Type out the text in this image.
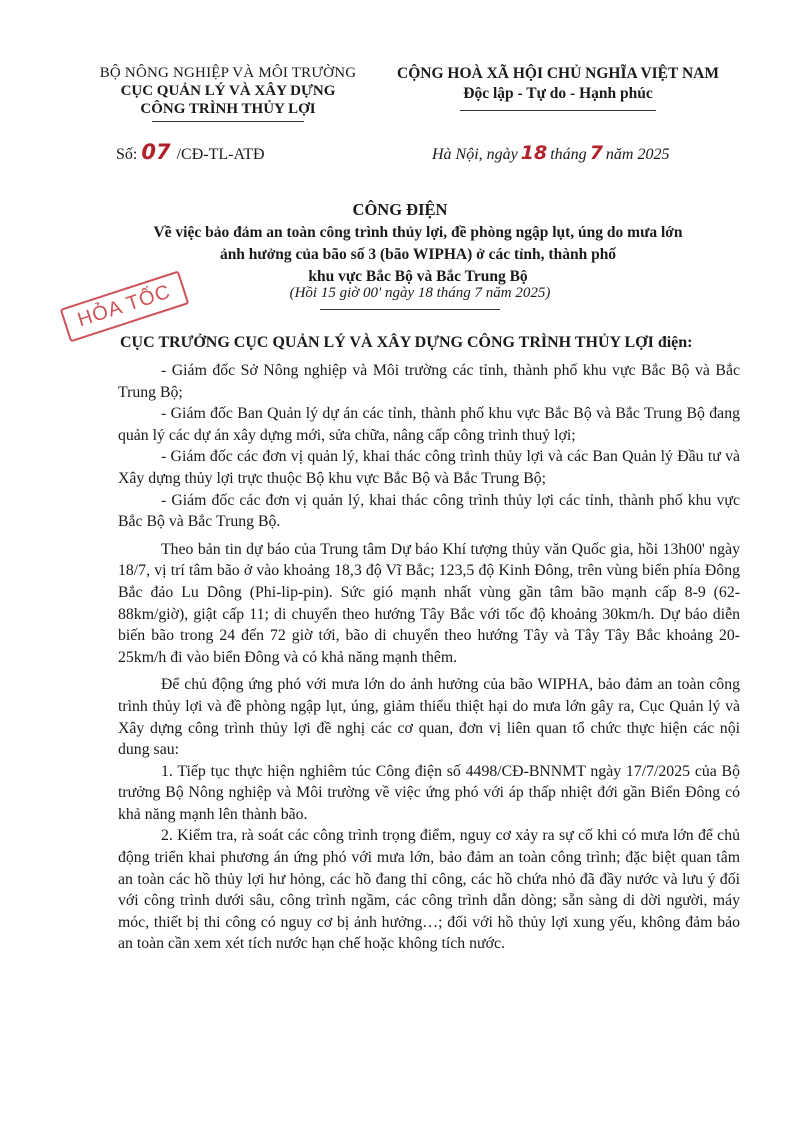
BỘ NÔNG NGHIỆP VÀ MÔI TRƯỜNG
CỤC QUẢN LÝ VÀ XÂY DỰNG
CÔNG TRÌNH THỦY LỢI
CỘNG HOÀ XÃ HỘI CHỦ NGHĨA VIỆT NAM
Độc lập - Tự do - Hạnh phúc
Số: 07 /CĐ-TL-ATĐ	Hà Nội, ngày 18 tháng 7 năm 2025
CÔNG ĐIỆN
Về việc bảo đảm an toàn công trình thủy lợi, đề phòng ngập lụt, úng do mưa lớn
ảnh hưởng của bão số 3 (bão WIPHA) ở các tỉnh, thành phố
khu vực Bắc Bộ và Bắc Trung Bộ
(Hồi 15 giờ 00' ngày 18 tháng 7 năm 2025)
HỎA TỐC
CỤC TRƯỞNG CỤC QUẢN LÝ VÀ XÂY DỰNG CÔNG TRÌNH THỦY LỢI điện:

- Giám đốc Sở Nông nghiệp và Môi trường các tỉnh, thành phố khu vực Bắc Bộ và Bắc Trung Bộ;

- Giám đốc Ban Quản lý dự án các tỉnh, thành phố khu vực Bắc Bộ và Bắc Trung Bộ đang quản lý các dự án xây dựng mới, sửa chữa, nâng cấp công trình thuỷ lợi;

- Giám đốc các đơn vị quản lý, khai thác công trình thủy lợi và các Ban Quản lý Đầu tư và Xây dựng thủy lợi trực thuộc Bộ khu vực Bắc Bộ và Bắc Trung Bộ;

- Giám đốc các đơn vị quản lý, khai thác công trình thủy lợi các tỉnh, thành phố khu vực Bắc Bộ và Bắc Trung Bộ.

Theo bản tin dự báo của Trung tâm Dự báo Khí tượng thủy văn Quốc gia, hồi 13h00' ngày 18/7, vị trí tâm bão ở vào khoảng 18,3 độ Vĩ Bắc; 123,5 độ Kinh Đông, trên vùng biển phía Đông Bắc đảo Lu Dông (Phi-lip-pin). Sức gió mạnh nhất vùng gần tâm bão mạnh cấp 8-9 (62-88km/giờ), giật cấp 11; di chuyển theo hướng Tây Bắc với tốc độ khoảng 30km/h. Dự báo diễn biến bão trong 24 đến 72 giờ tới, bão di chuyển theo hướng Tây và Tây Tây Bắc khoảng 20-25km/h đi vào biển Đông và có khả năng mạnh thêm.

Để chủ động ứng phó với mưa lớn do ảnh hưởng của bão WIPHA, bảo đảm an toàn công trình thủy lợi và đề phòng ngập lụt, úng, giảm thiểu thiệt hại do mưa lớn gây ra, Cục Quản lý và Xây dựng công trình thủy lợi đề nghị các cơ quan, đơn vị liên quan tổ chức thực hiện các nội dung sau:

1. Tiếp tục thực hiện nghiêm túc Công điện số 4498/CĐ-BNNMT ngày 17/7/2025 của Bộ trưởng Bộ Nông nghiệp và Môi trường về việc ứng phó với áp thấp nhiệt đới gần Biển Đông có khả năng mạnh lên thành bão.

2. Kiểm tra, rà soát các công trình trọng điểm, nguy cơ xảy ra sự cố khi có mưa lớn để chủ động triển khai phương án ứng phó với mưa lớn, bảo đảm an toàn công trình; đặc biệt quan tâm an toàn các hồ thủy lợi hư hỏng, các hồ đang thi công, các hồ chứa nhỏ đã đầy nước và lưu ý đối với công trình dưới sâu, công trình ngầm, các công trình dẫn dòng; sẵn sàng di dời người, máy móc, thiết bị thi công có nguy cơ bị ảnh hưởng…; đối với hồ thủy lợi xung yếu, không đảm bảo an toàn cần xem xét tích nước hạn chế hoặc không tích nước.
